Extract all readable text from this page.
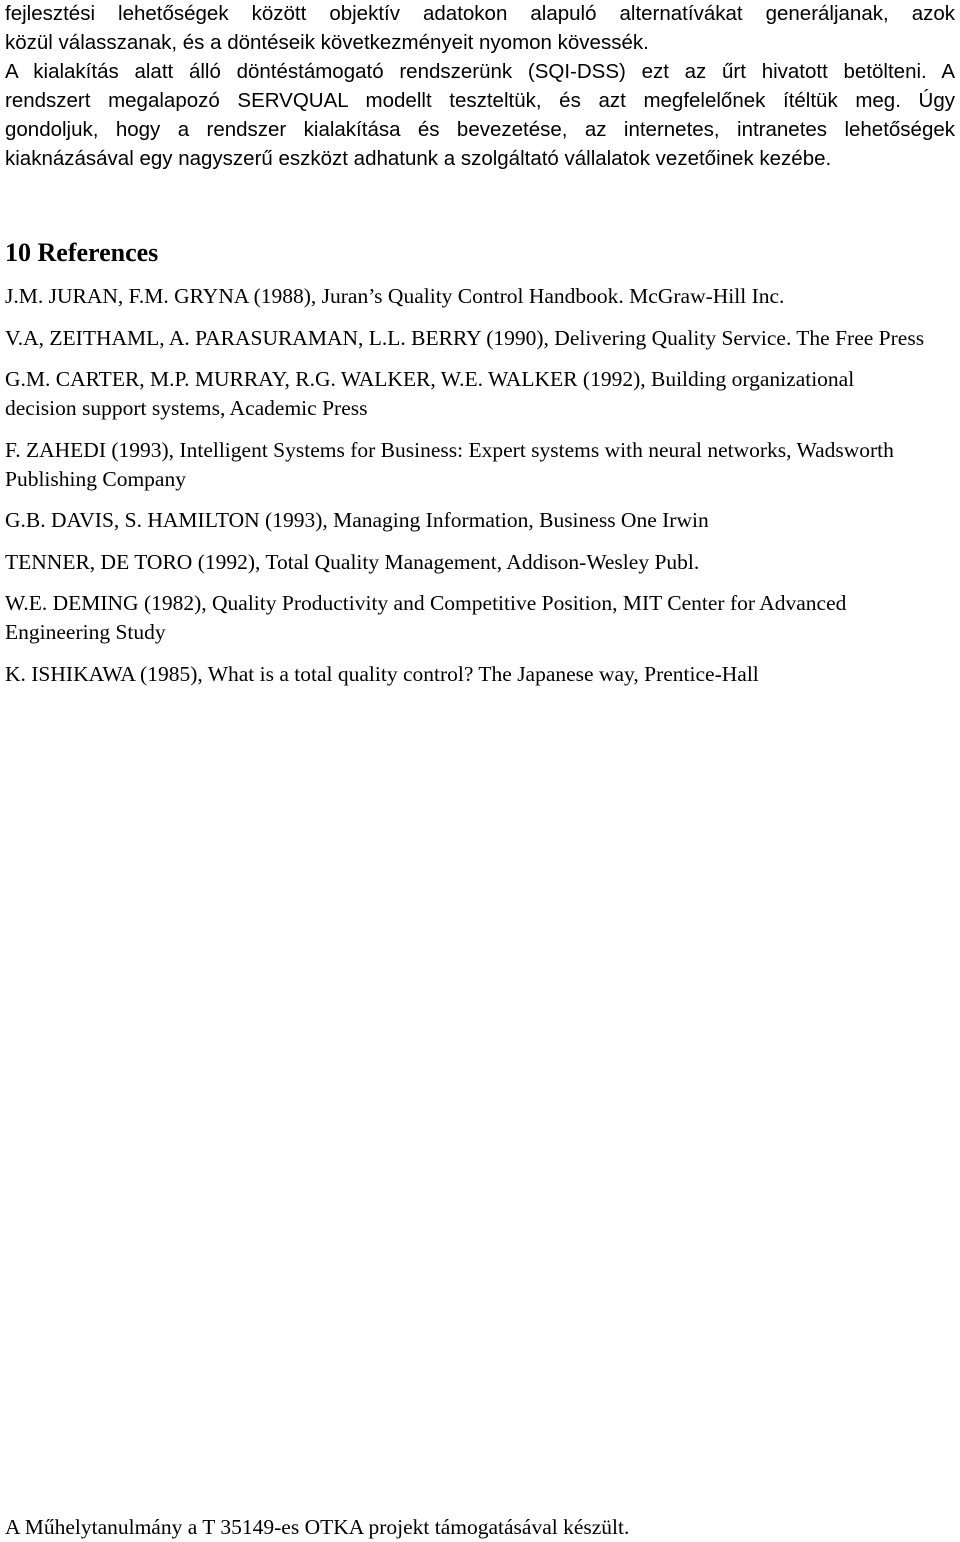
fejlesztési lehetőségek között objektív adatokon alapuló alternatívákat generáljanak, azok
közül válasszanak, és a döntéseik következményeit nyomon kövessék.
A kialakítás alatt álló döntéstámogató rendszerünk (SQI-DSS) ezt az űrt hivatott betölteni. A
rendszert megalapozó SERVQUAL modellt teszteltük, és azt megfelelőnek ítéltük meg. Úgy
gondoljuk, hogy a rendszer kialakítása és bevezetése, az internetes, intranetes lehetőségek
kiaknázásával egy nagyszerű eszközt adhatunk a szolgáltató vállalatok vezetőinek kezébe.
10 References

J.M. JURAN, F.M. GRYNA (1988), Juran’s Quality Control Handbook. McGraw-Hill Inc.

V.A, ZEITHAML, A. PARASURAMAN, L.L. BERRY (1990), Delivering Quality Service. The Free Press

G.M. CARTER, M.P. MURRAY, R.G. WALKER, W.E. WALKER (1992), Building organizational decision support systems, Academic Press

F. ZAHEDI (1993), Intelligent Systems for Business: Expert systems with neural networks, Wadsworth Publishing Company

G.B. DAVIS, S. HAMILTON (1993), Managing Information, Business One Irwin

TENNER, DE TORO (1992), Total Quality Management, Addison-Wesley Publ.

W.E. DEMING (1982), Quality Productivity and Competitive Position, MIT Center for Advanced Engineering Study

K. ISHIKAWA (1985), What is a total quality control? The Japanese way, Prentice-Hall

A Műhelytanulmány a T 35149-es OTKA projekt támogatásával készült.
